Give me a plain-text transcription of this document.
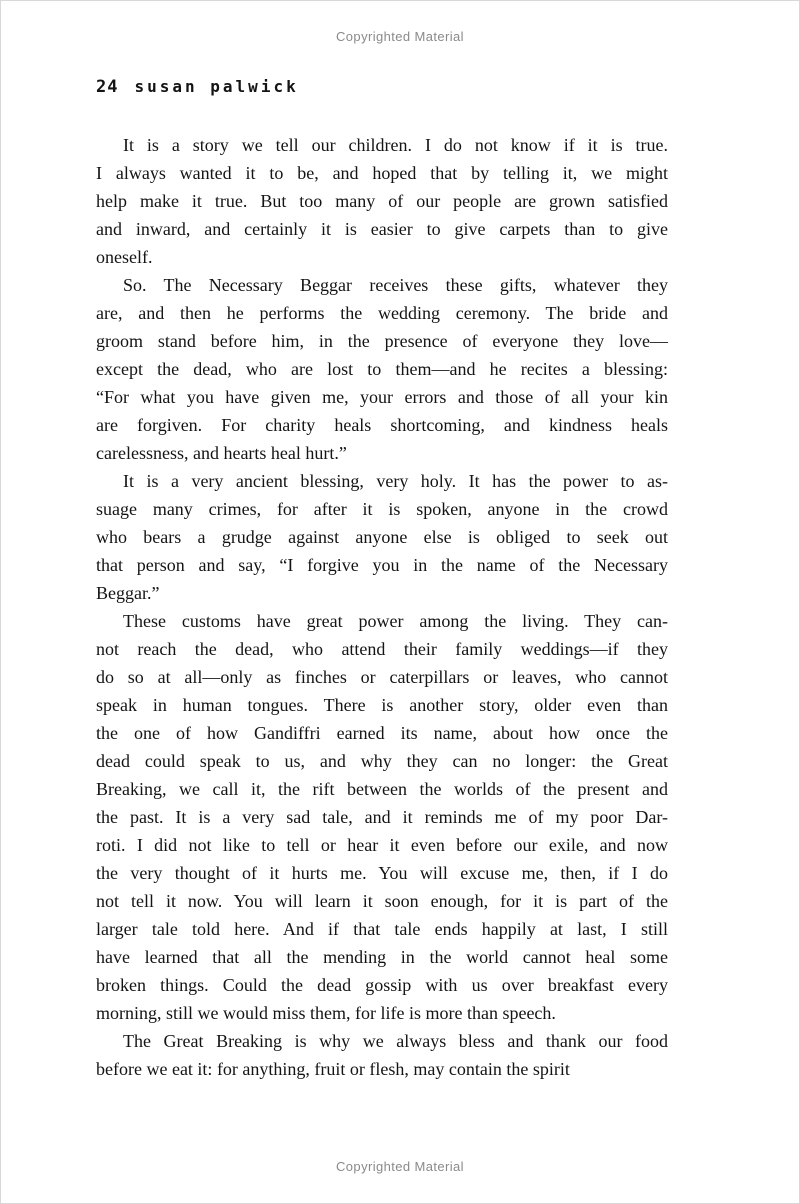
Copyrighted Material
24 susan palwick

It is a story we tell our children. I do not know if it is true.
I always wanted it to be, and hoped that by telling it, we might
help make it true. But too many of our people are grown satisfied
and inward, and certainly it is easier to give carpets than to give
oneself.

So. The Necessary Beggar receives these gifts, whatever they
are, and then he performs the wedding ceremony. The bride and
groom stand before him, in the presence of everyone they love—
except the dead, who are lost to them—and he recites a blessing:
“For what you have given me, your errors and those of all your kin
are forgiven. For charity heals shortcoming, and kindness heals
carelessness, and hearts heal hurt.”

It is a very ancient blessing, very holy. It has the power to as-
suage many crimes, for after it is spoken, anyone in the crowd
who bears a grudge against anyone else is obliged to seek out
that person and say, “I forgive you in the name of the Necessary
Beggar.”

These customs have great power among the living. They can-
not reach the dead, who attend their family weddings—if they
do so at all—only as finches or caterpillars or leaves, who cannot
speak in human tongues. There is another story, older even than
the one of how Gandiffri earned its name, about how once the
dead could speak to us, and why they can no longer: the Great
Breaking, we call it, the rift between the worlds of the present and
the past. It is a very sad tale, and it reminds me of my poor Dar-
roti. I did not like to tell or hear it even before our exile, and now
the very thought of it hurts me. You will excuse me, then, if I do
not tell it now. You will learn it soon enough, for it is part of the
larger tale told here. And if that tale ends happily at last, I still
have learned that all the mending in the world cannot heal some
broken things. Could the dead gossip with us over breakfast every
morning, still we would miss them, for life is more than speech.

The Great Breaking is why we always bless and thank our food
before we eat it: for anything, fruit or flesh, may contain the spirit

Copyrighted Material
